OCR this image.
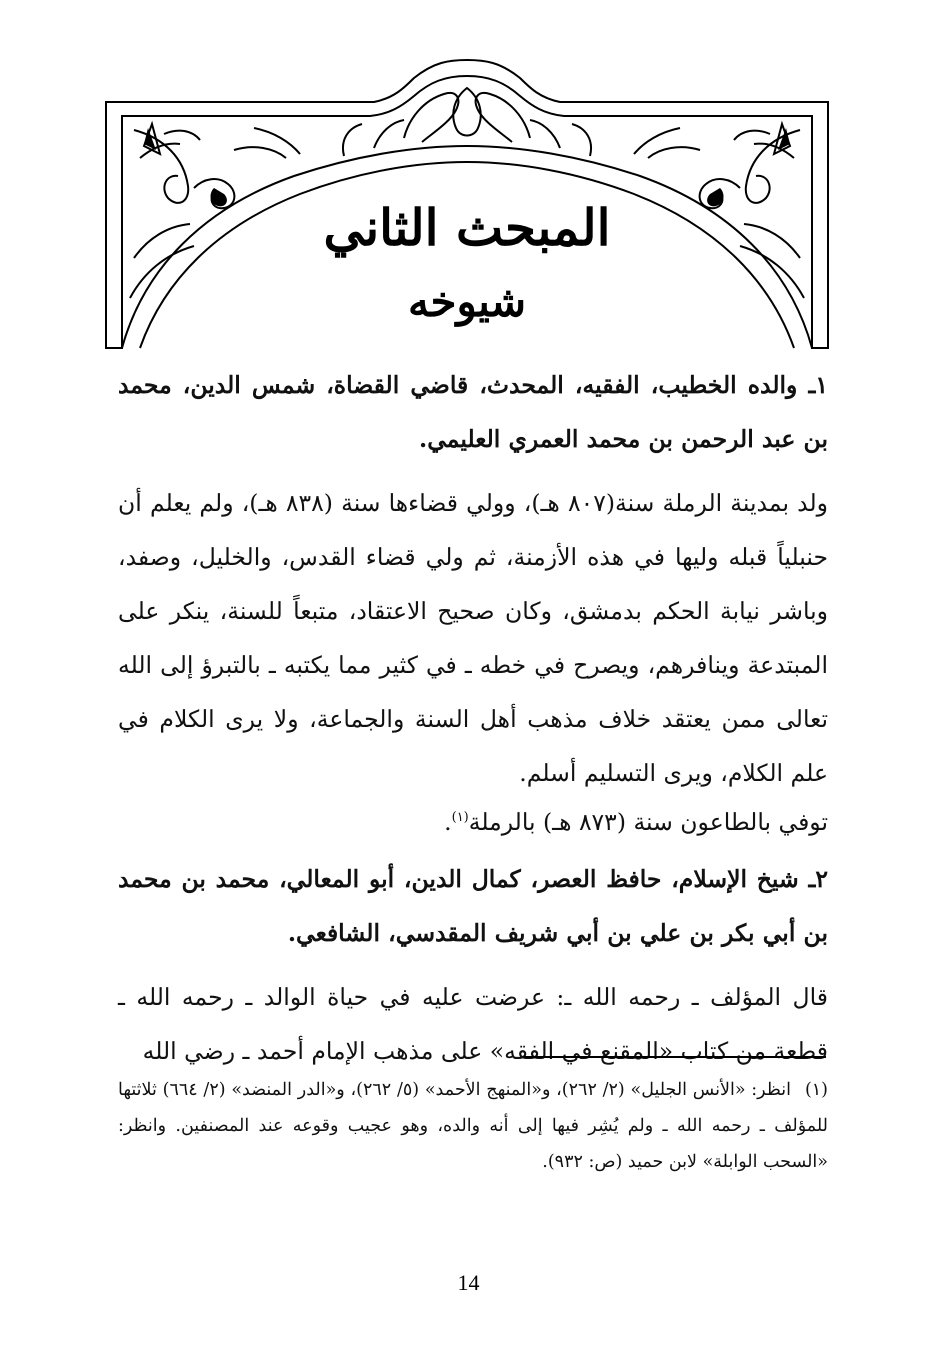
المبحث الثاني
شيوخه

١ـ والده الخطيب، الفقيه، المحدث، قاضي القضاة، شمس الدين، محمد بن عبد الرحمن بن محمد العمري العليمي.

ولد بمدينة الرملة سنة(٨٠٧ هـ)، وولي قضاءها سنة (٨٣٨ هـ)، ولم يعلم أن حنبلياً قبله وليها في هذه الأزمنة، ثم ولي قضاء القدس، والخليل، وصفد، وباشر نيابة الحكم بدمشق، وكان صحيح الاعتقاد، متبعاً للسنة، ينكر على المبتدعة وينافرهم، ويصرح في خطه ـ في كثير مما يكتبه ـ بالتبرؤ إلى الله تعالى ممن يعتقد خلاف مذهب أهل السنة والجماعة، ولا يرى الكلام في علم الكلام، ويرى التسليم أسلم.

توفي بالطاعون سنة (٨٧٣ هـ) بالرملة$^{(١)}$.

٢ـ شيخ الإسلام، حافظ العصر، كمال الدين، أبو المعالي، محمد بن محمد بن أبي بكر بن علي بن أبي شريف المقدسي، الشافعي.

قال المؤلف ـ رحمه الله ـ: عرضت عليه في حياة الوالد ـ رحمه الله ـ قطعة من كتاب «المقنع في الفقه» على مذهب الإمام أحمد ـ رضي الله

(١)انظر: «الأنس الجليل» (٢/ ٢٦٢)، و«المنهج الأحمد» (٥/ ٢٦٢)، و«الدر المنضد» (٢/ ٦٦٤) ثلاثتها للمؤلف ـ رحمه الله ـ ولم يُشِر فيها إلى أنه والده، وهو عجيب وقوعه عند المصنفين. وانظر: «السحب الوابلة» لابن حميد (ص: ٩٣٢).

14
